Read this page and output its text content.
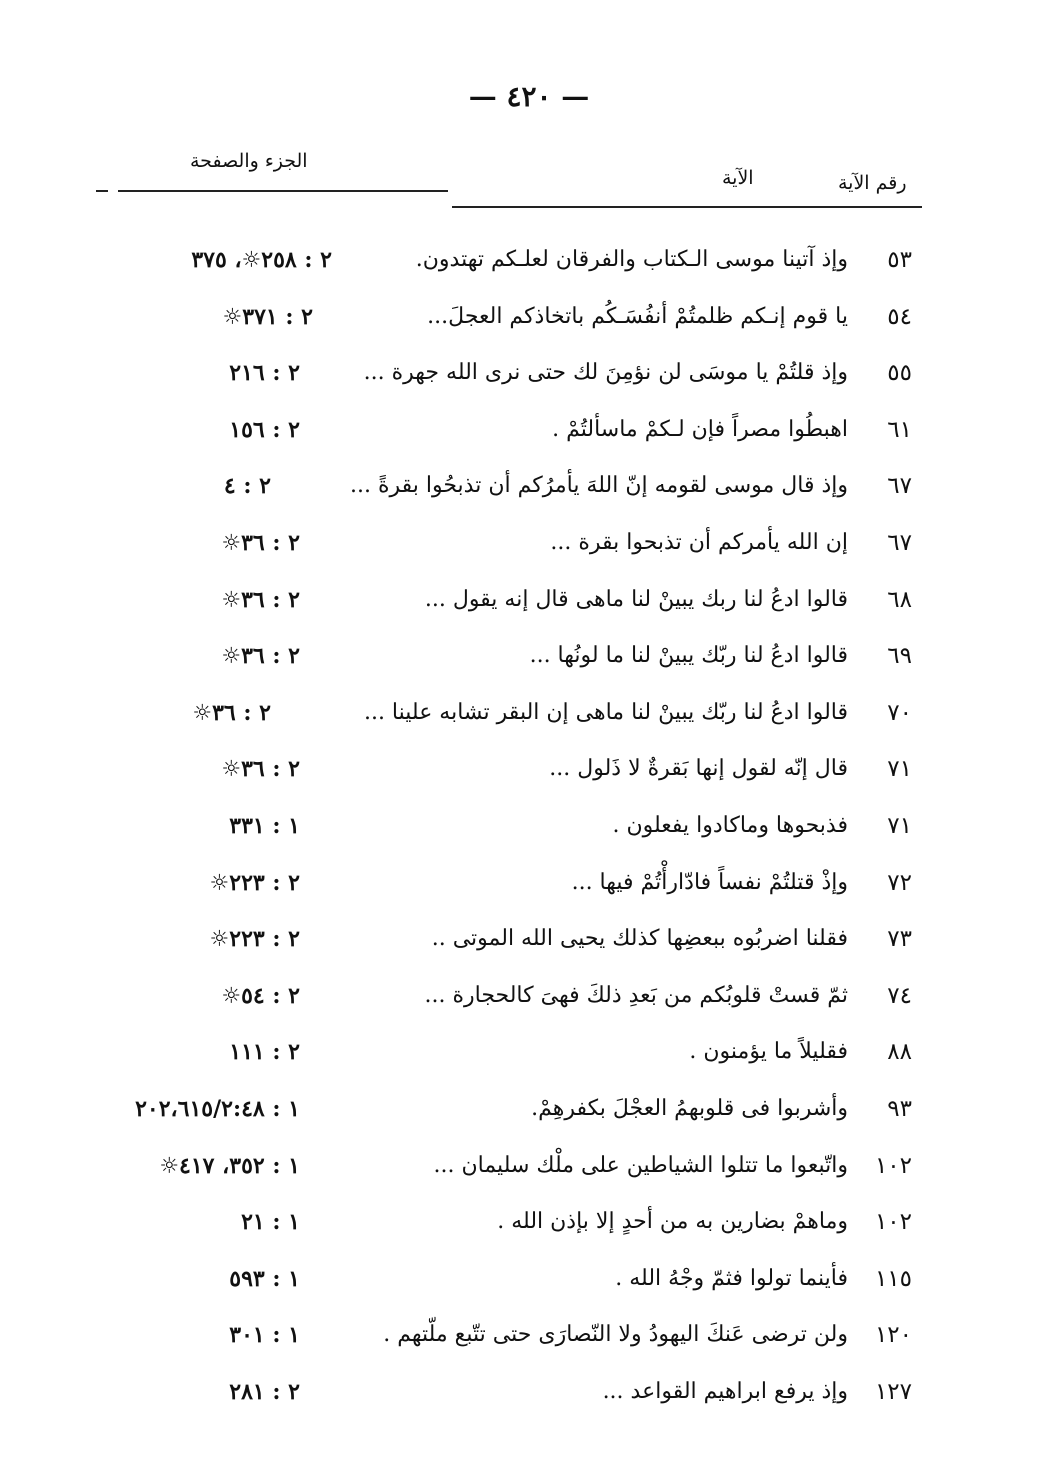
— ٤٢٠ —
رقم الآية
الآية
الجزء والصفحة
٥٣
وإذ آتينا موسى الـكتاب والفرقان لعلـكم تهتدون.
٢ : ٢٥٨☼، ٣٧٥
٥٤
يا قوم إنـكم ظلمتُمْ أنفُسَـكُم باتخاذكم العجلَ...
٢ : ٣٧١☼
٥٥
وإذ قلتُمْ يا موسَى لن نؤمِنَ لك حتى نرى الله جهرة ...
٢ : ٢١٦
٦١
اهبطُوا مصراً فإن لـكمْ ماسألتُمْ .
٢ : ١٥٦
٦٧
وإذ قال موسى لقومه إنّ اللهَ يأمرُكم أن تذبحُوا بقرةً ...
٢ : ٤
٦٧
إن الله يأمركم أن تذبحوا بقرة ...
٢ : ٣٦☼
٦٨
قالوا ادعُ لنا ربك يبينْ لنا ماهى قال إنه يقول ...
٢ : ٣٦☼
٦٩
قالوا ادعُ لنا ربّك يبينْ لنا ما لونُها ...
٢ : ٣٦☼
٧٠
قالوا ادعُ لنا ربّك يبينْ لنا ماهى إن البقر تشابه علينا ...
٢ : ٣٦☼
٧١
قال إنّه لقول إنها بَقرةٌ لا ذَلول ...
٢ : ٣٦☼
٧١
فذبحوها وماكادوا يفعلون .
١ : ٣٣١
٧٢
وإذْ قتلتُمْ نفساً فادّارأْتُمْ فيها ...
٢ : ٢٢٣☼
٧٣
فقلنا اضربُوه ببعضِها كذلك يحيى الله الموتى ..
٢ : ٢٢٣☼
٧٤
ثمّ قستْ قلوبُكم من بَعدِ ذلكَ فهىَ كالحجارة ...
٢ : ٥٤☼
٨٨
فقليلاً ما يؤمنون .
٢ : ١١١
٩٣
وأشربوا فى قلوبهمُ العجْلَ بكفرهِمْ.
١ : ٢٠٢،٦١٥/٢:٤٨
١٠٢
واتّبعوا ما تتلوا الشياطين على ملْك سليمان ...
١ : ٣٥٢، ٤١٧☼
١٠٢
وماهمْ بضارين به من أحدٍ إلا بإذن الله .
١ : ٢١
١١٥
فأينما تولوا فثمّ وجْهُ الله .
١ : ٥٩٣
١٢٠
ولن ترضى عَنكَ اليهودُ ولا النّصارَى حتى تتّبع ملّتهم .
١ : ٣٠١
١٢٧
وإذ يرفع ابراهيم القواعد ...
٢ : ٢٨١
